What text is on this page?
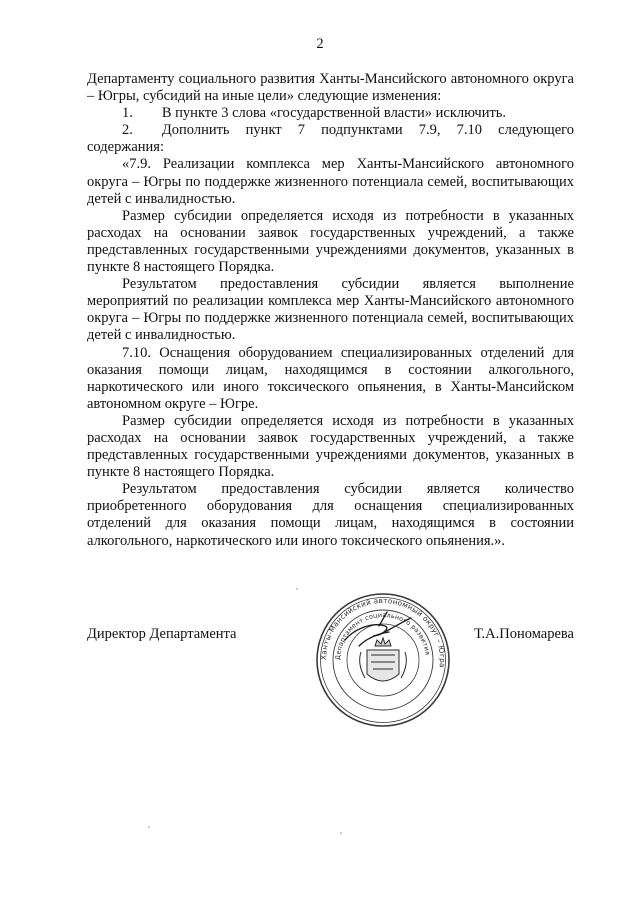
2

Департаменту социального развития Ханты-Мансийского автономного округа – Югры, субсидий на иные цели» следующие изменения:

1.  В пункте 3 слова «государственной власти» исключить.

2.  Дополнить пункт 7 подпунктами 7.9, 7.10 следующего содержания:

«7.9. Реализации комплекса мер Ханты-Мансийского автономного округа – Югры по поддержке жизненного потенциала семей, воспитывающих детей с инвалидностью.

Размер субсидии определяется исходя из потребности в указанных расходах на основании заявок государственных учреждений, а также представленных государственными учреждениями документов, указанных в пункте 8 настоящего Порядка.

Результатом предоставления субсидии является выполнение мероприятий по реализации комплекса мер Ханты-Мансийского автономного округа – Югры по поддержке жизненного потенциала семей, воспитывающих детей с инвалидностью.

7.10. Оснащения оборудованием специализированных отделений для оказания помощи лицам, находящимся в состоянии алкогольного, наркотического или иного токсического опьянения, в Ханты-Мансийском автономном округе – Югре.

Размер субсидии определяется исходя из потребности в указанных расходах на основании заявок государственных учреждений, а также представленных государственными учреждениями документов, указанных в пункте 8 настоящего Порядка.

Результатом предоставления субсидии является количество приобретенного оборудования для оснащения специализированных отделений для оказания помощи лицам, находящимся в состоянии алкогольного, наркотического или иного токсического опьянения.».

Директор Департамента	Т.А.Пономарева
Ханты-Мансийский автономный округ – Югра
Департамент социального развития
